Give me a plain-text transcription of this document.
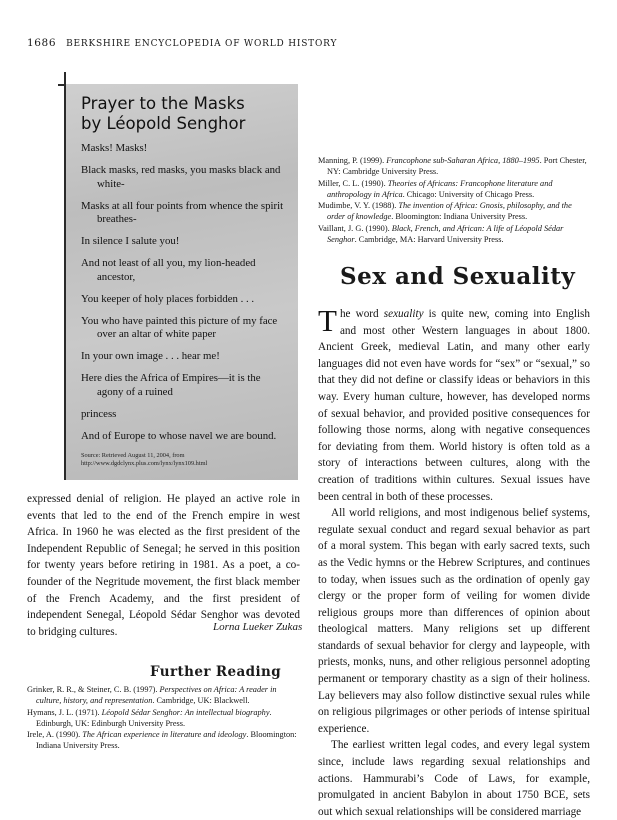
1686 BERKSHIRE ENCYCLOPEDIA OF WORLD HISTORY
Prayer to the Masks
by Léopold Senghor
Masks! Masks!
Black masks, red masks, you masks black and white-
Masks at all four points from whence the spirit breathes-
In silence I salute you!
And not least of all you, my lion-headed ancestor,
You keeper of holy places forbidden . . .
You who have painted this picture of my face over an altar of white paper
In your own image . . . hear me!
Here dies the Africa of Empires—it is the agony of a ruined
princess
And of Europe to whose navel we are bound.
Source: Retrieved August 11, 2004, from http://www.dgdclynx.plus.com/lynx/lynx109.html

expressed denial of religion. He played an active role in events that led to the end of the French empire in west Africa. In 1960 he was elected as the first president of the Independent Republic of Senegal; he served in this position for twenty years before retiring in 1981. As a poet, a co-founder of the Negritude movement, the first black member of the French Academy, and the first president of independent Senegal, Léopold Sédar Senghor was devoted to bridging cultures.	Lorna Lueker Zukas
Further Reading

Grinker, R. R., & Steiner, C. B. (1997). Perspectives on Africa: A reader in culture, history, and representation. Cambridge, UK: Blackwell.

Hymans, J. L. (1971). Léopold Sédar Senghor: An intellectual biography. Edinburgh, UK: Edinburgh University Press.

Irele, A. (1990). The African experience in literature and ideology. Bloomington: Indiana University Press.

Manning, P. (1999). Francophone sub-Saharan Africa, 1880–1995. Port Chester, NY: Cambridge University Press.

Miller, C. L. (1990). Theories of Africans: Francophone literature and anthropology in Africa. Chicago: University of Chicago Press.

Mudimbe, V. Y. (1988). The invention of Africa: Gnosis, philosophy, and the order of knowledge. Bloomington: Indiana University Press.

Vaillant, J. G. (1990). Black, French, and African: A life of Léopold Sédar Senghor. Cambridge, MA: Harvard University Press.

Sex and Sexuality

The word sexuality is quite new, coming into English and most other Western languages in about 1800. Ancient Greek, medieval Latin, and many other early languages did not even have words for “sex” or “sexual,” so that they did not define or classify ideas or behaviors in this way. Every human culture, however, has developed norms of sexual behavior, and provided positive consequences for following those norms, along with negative consequences for deviating from them. World history is often told as a story of interactions between cultures, along with the creation of traditions within cultures. Sexual issues have been central in both of these processes.

All world religions, and most indigenous belief systems, regulate sexual conduct and regard sexual behavior as part of a moral system. This began with early sacred texts, such as the Vedic hymns or the Hebrew Scriptures, and continues to today, when issues such as the ordination of openly gay clergy or the proper form of veiling for women divide religious groups more than differences of opinion about theological matters. Many religions set up different standards of sexual behavior for clergy and laypeople, with priests, monks, nuns, and other religious personnel adopting permanent or temporary chastity as a sign of their holiness. Lay believers may also follow distinctive sexual rules while on religious pilgrimages or other periods of intense spiritual experience.

The earliest written legal codes, and every legal system since, include laws regarding sexual relationships and actions. Hammurabi’s Code of Laws, for example, promulgated in ancient Babylon in about 1750 BCE, sets out which sexual relationships will be considered marriage
